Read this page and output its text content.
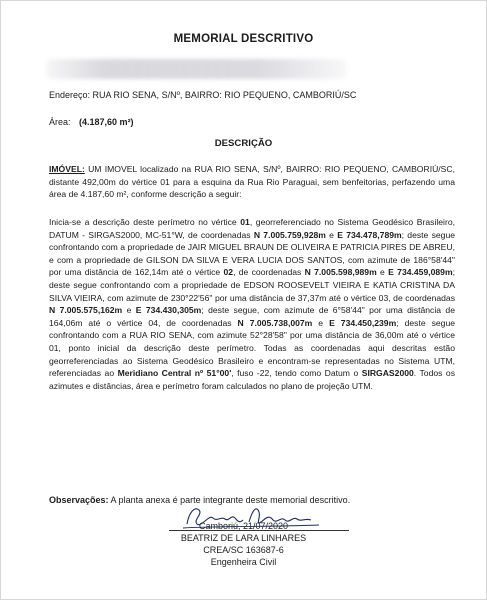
MEMORIAL DESCRITIVO
Endereço: RUA RIO SENA, S/Nº, BAIRRO: RIO PEQUENO, CAMBORIÚ/SC
Área: (4.187,60 m²)
DESCRIÇÃO
IMÓVEL: UM IMOVEL localizado na RUA RIO SENA, S/Nº, BAIRRO: RIO PEQUENO, CAMBORIÚ/SC, distante 492,00m do vértice 01 para a esquina da Rua Rio Paraguai, sem benfeitorias, perfazendo uma área de 4.187,60 m², conforme descrição a seguir:
Inicia-se a descrição deste perímetro no vértice 01, georreferenciado no Sistema Geodésico Brasileiro, DATUM - SIRGAS2000, MC-51°W, de coordenadas N 7.005.759,928m e E 734.478,789m; deste segue confrontando com a propriedade de JAIR MIGUEL BRAUN DE OLIVEIRA E PATRICIA PIRES DE ABREU, e com a propriedade de GILSON DA SILVA E VERA LUCIA DOS SANTOS, com azimute de 186°58'44" por uma distância de 162,14m até o vértice 02, de coordenadas N 7.005.598,989m e E 734.459,089m; deste segue confrontando com a propriedade de EDSON ROOSEVELT VIEIRA E KATIA CRISTINA DA SILVA VIEIRA, com azimute de 230°22'56" por uma distância de 37,37m até o vértice 03, de coordenadas N 7.005.575,162m e E 734.430,305m; deste segue, com azimute de 6°58'44" por uma distância de 164,06m até o vértice 04, de coordenadas N 7.005.738,007m e E 734.450,239m; deste segue confrontando com a RUA RIO SENA, com azimute 52°28'58" por uma distância de 36,00m até o vértice 01, ponto inicial da descrição deste perímetro. Todas as coordenadas aqui descritas estão georreferenciadas ao Sistema Geodésico Brasileiro e encontram-se representadas no Sistema UTM, referenciadas ao Meridiano Central nº 51°00', fuso -22, tendo como Datum o SIRGAS2000. Todos os azimutes e distâncias, área e perímetro foram calculados no plano de projeção UTM.
Observações: A planta anexa é parte integrante deste memorial descritivo.
Camboriú, 21/07/2020
BEATRIZ DE LARA LINHARES
CREA/SC 163687-6
Engenheira Civil
